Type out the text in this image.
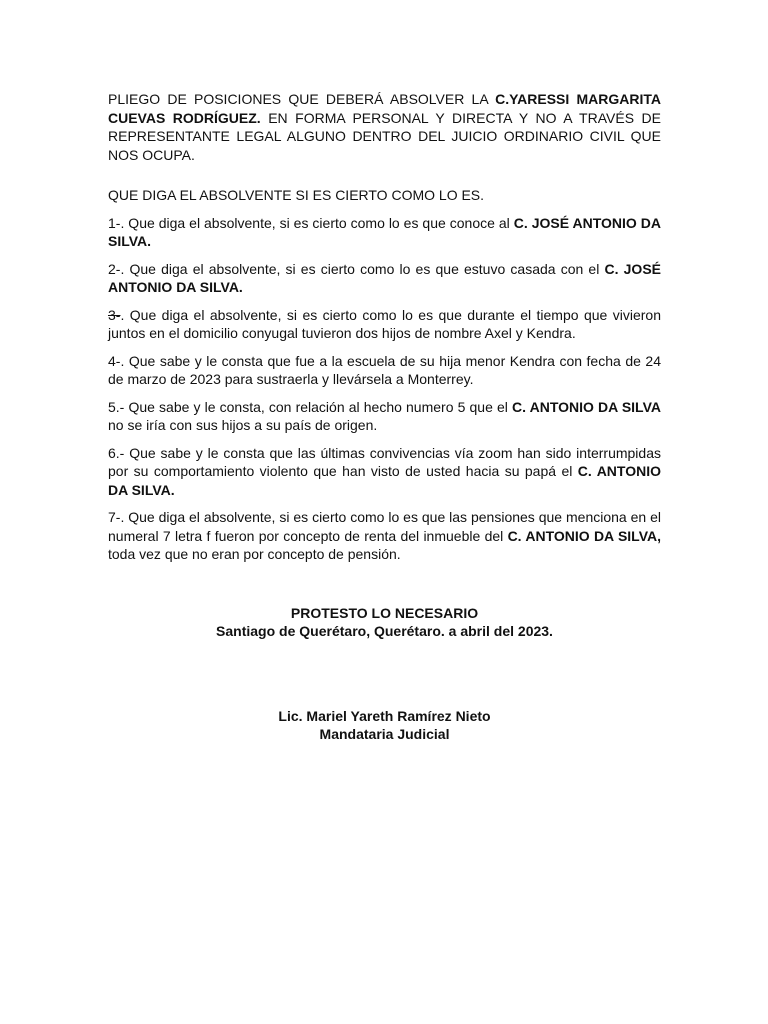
PLIEGO DE POSICIONES QUE DEBERÁ ABSOLVER LA C.YARESSI MARGARITA CUEVAS RODRÍGUEZ. EN FORMA PERSONAL Y DIRECTA Y NO A TRAVÉS DE REPRESENTANTE LEGAL ALGUNO DENTRO DEL JUICIO ORDINARIO CIVIL QUE NOS OCUPA.

QUE DIGA EL ABSOLVENTE SI ES CIERTO COMO LO ES.

1-. Que diga el absolvente, si es cierto como lo es que conoce al C. JOSÉ ANTONIO DA SILVA.

2-. Que diga el absolvente, si es cierto como lo es que estuvo casada con el C. JOSÉ ANTONIO DA SILVA.

3-. Que diga el absolvente, si es cierto como lo es que durante el tiempo que vivieron juntos en el domicilio conyugal tuvieron dos hijos de nombre Axel y Kendra.

4-. Que sabe y le consta que fue a la escuela de su hija menor Kendra con fecha de 24 de marzo de 2023 para sustraerla y llevársela a Monterrey.

5.- Que sabe y le consta, con relación al hecho numero 5 que el C. ANTONIO DA SILVA no se iría con sus hijos a su país de origen.

6.- Que sabe y le consta que las últimas convivencias vía zoom han sido interrumpidas por su comportamiento violento que han visto de usted hacia su papá el C. ANTONIO DA SILVA.

7-. Que diga el absolvente, si es cierto como lo es que las pensiones que menciona en el numeral 7 letra f fueron por concepto de renta del inmueble del C. ANTONIO DA SILVA, toda vez que no eran por concepto de pensión.

PROTESTO LO NECESARIO
Santiago de Querétaro, Querétaro. a abril del 2023.
Lic. Mariel Yareth Ramírez Nieto
Mandataria Judicial
